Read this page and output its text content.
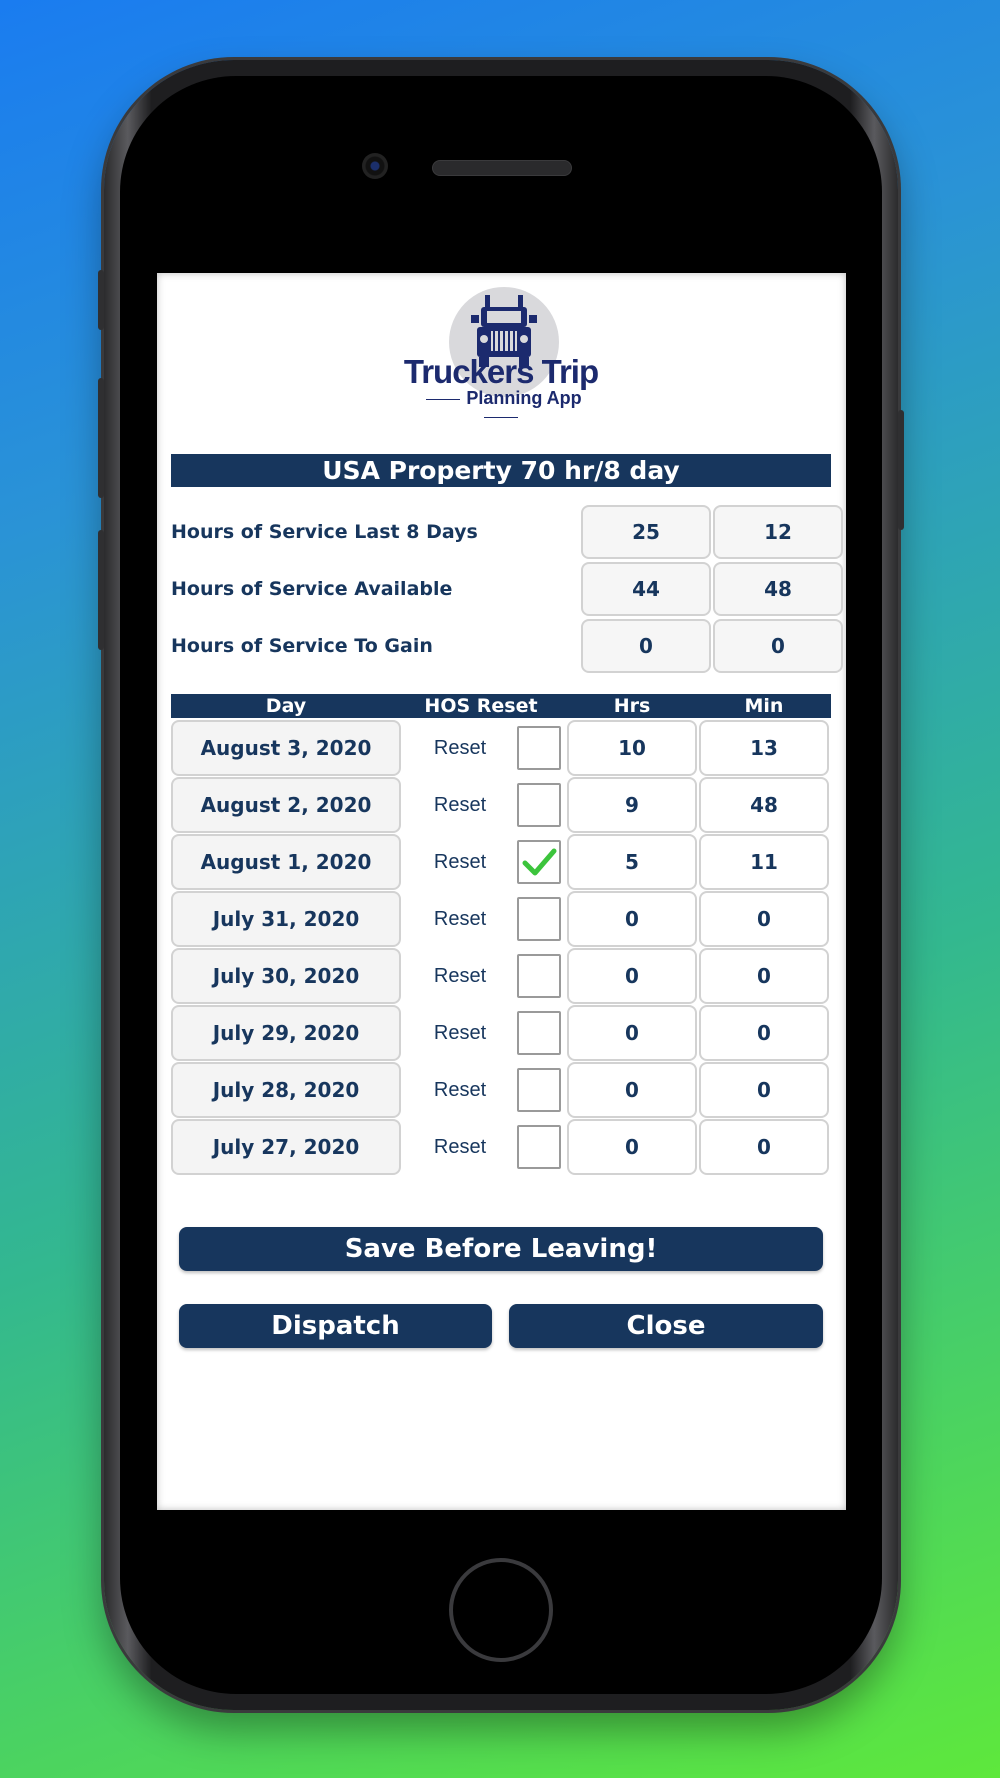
Truckers Trip
Planning App
USA Property 70 hr/8 day
Hours of Service Last 8 Days	25	12
Hours of Service Available	44	48
Hours of Service To Gain	0	0
Day	HOS Reset	Hrs	Min
August 3, 2020	Reset	10	13
August 2, 2020	Reset	9	48
August 1, 2020	Reset	5	11
July 31, 2020	Reset	0	0
July 30, 2020	Reset	0	0
July 29, 2020	Reset	0	0
July 28, 2020	Reset	0	0
July 27, 2020	Reset	0	0
Save Before Leaving!
Dispatch	Close
